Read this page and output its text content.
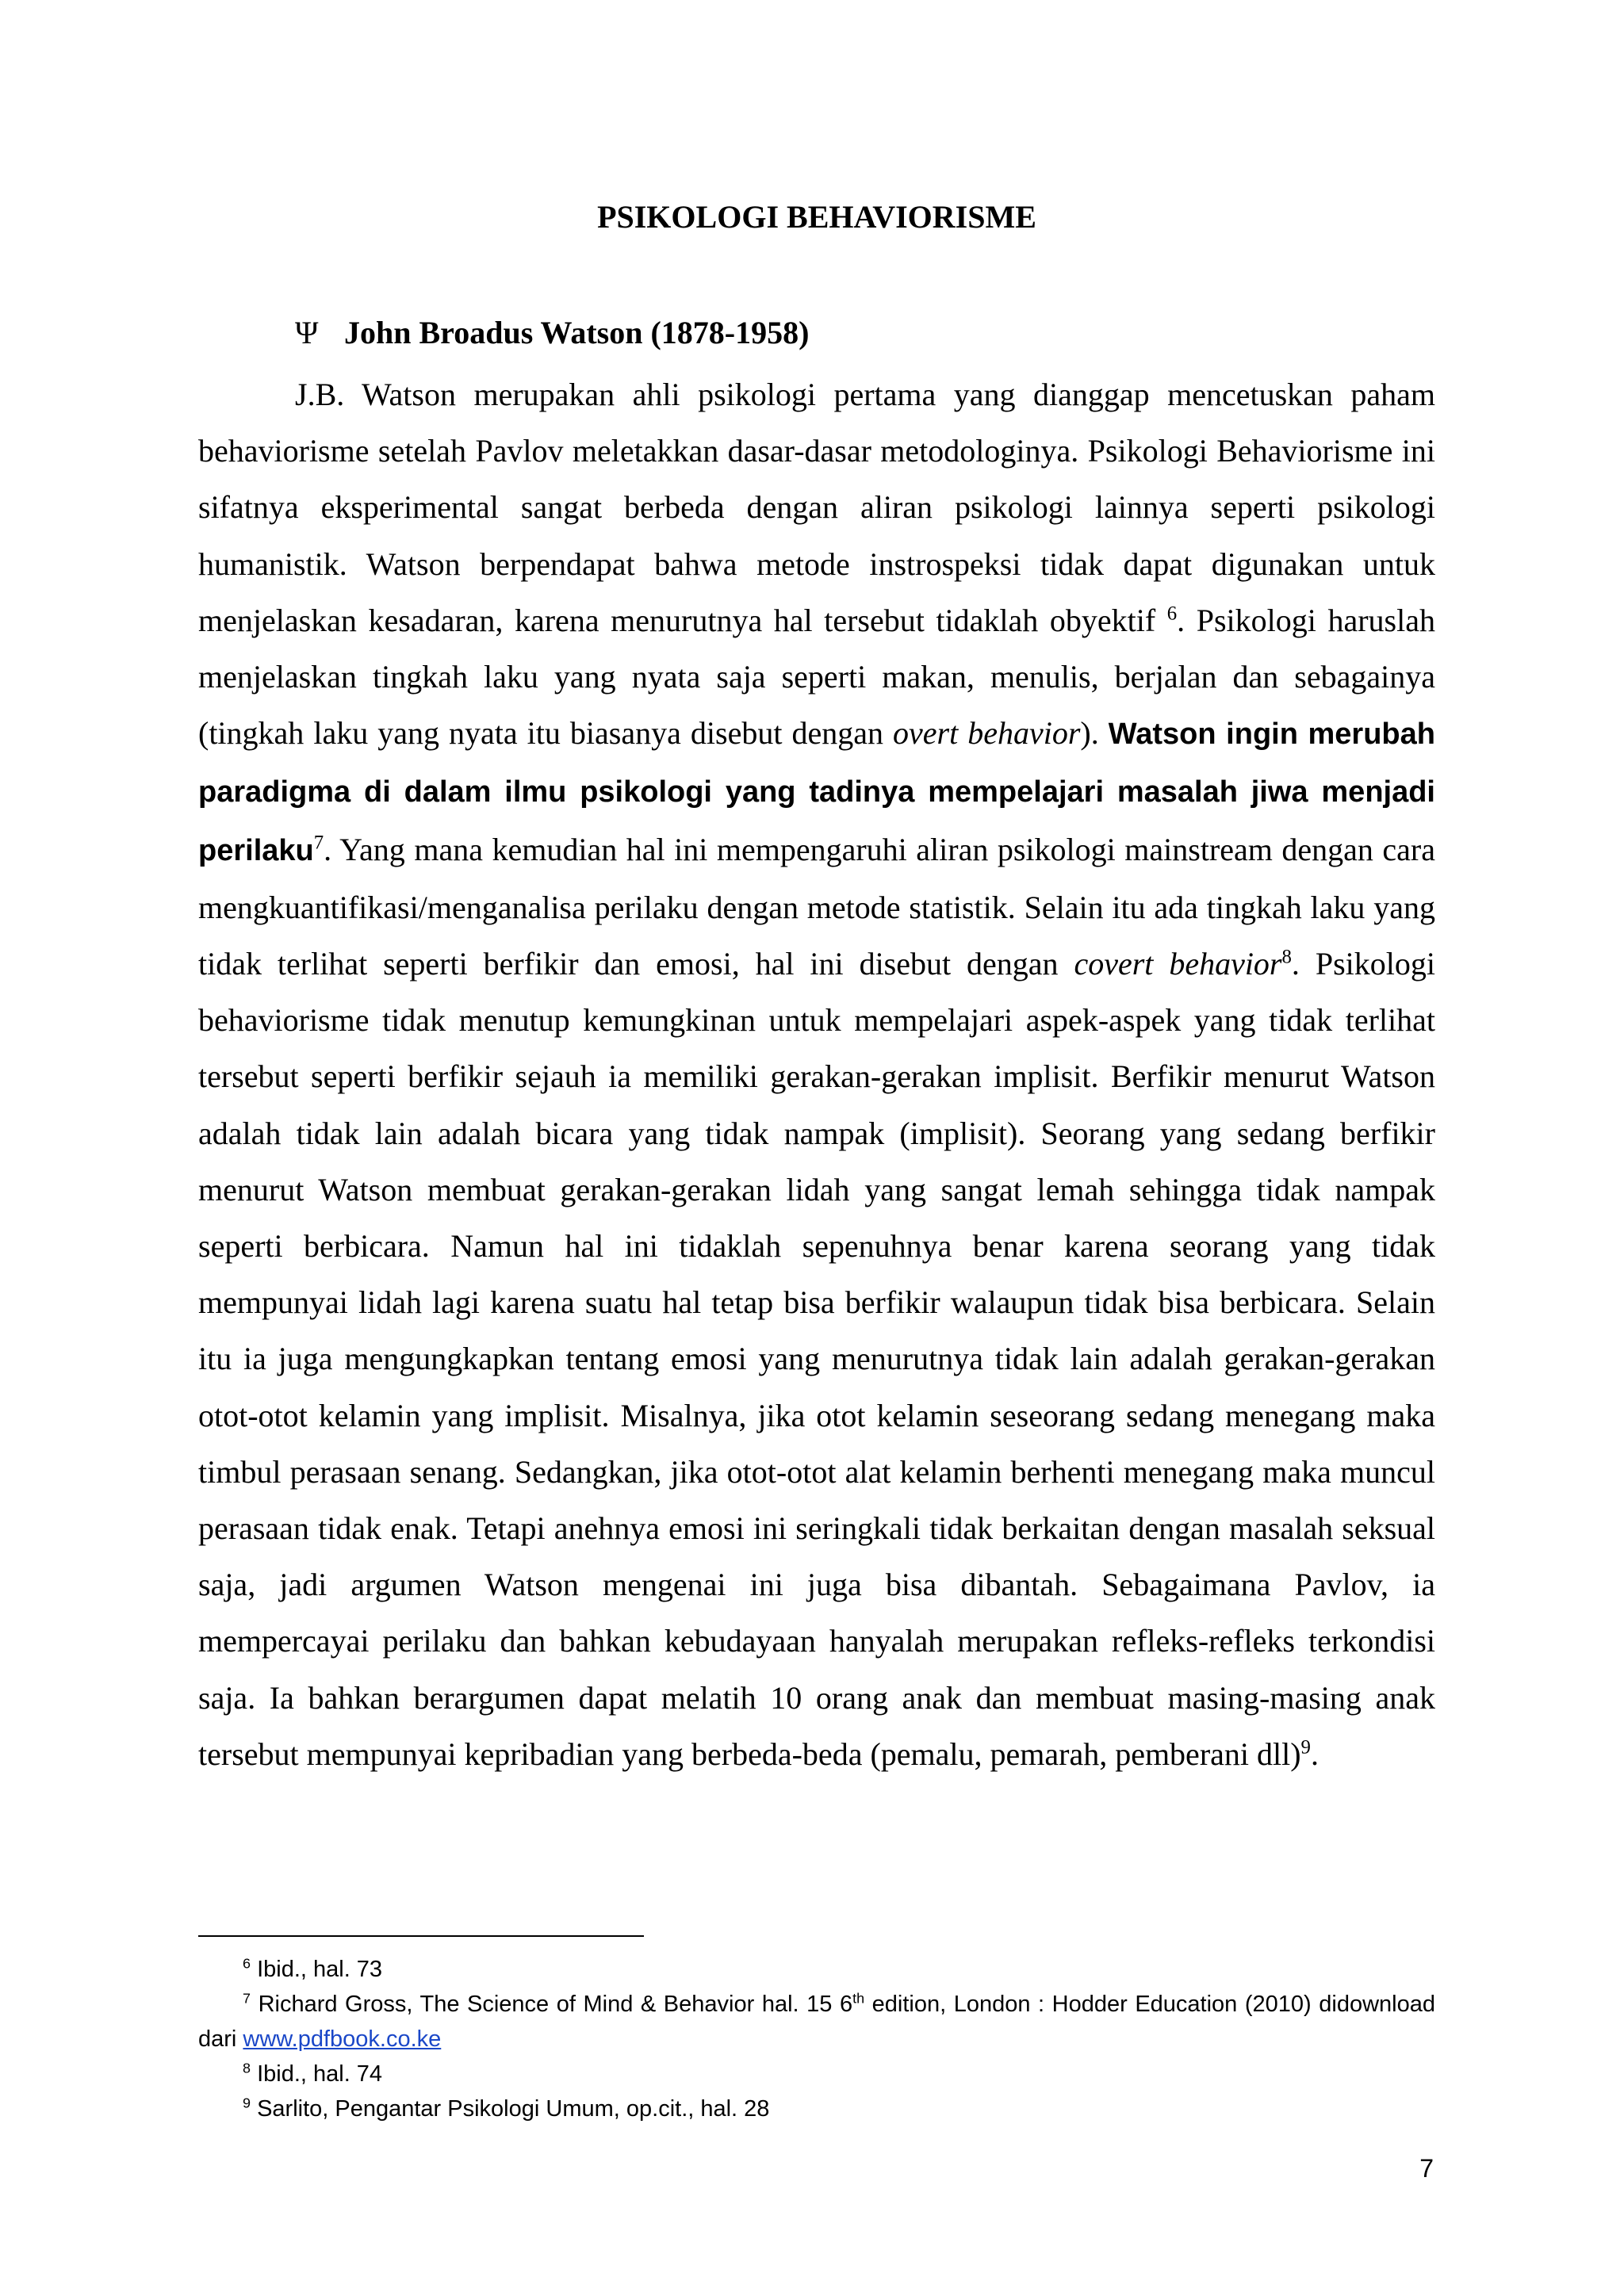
PSIKOLOGI BEHAVIORISME
Ψ John Broadus Watson (1878-1958)

J.B. Watson merupakan ahli psikologi pertama yang dianggap mencetuskan paham behaviorisme setelah Pavlov meletakkan dasar-dasar metodologinya. Psikologi Behaviorisme ini sifatnya eksperimental sangat berbeda dengan aliran psikologi lainnya seperti psikologi humanistik. Watson berpendapat bahwa metode instrospeksi tidak dapat digunakan untuk menjelaskan kesadaran, karena menurutnya hal tersebut tidaklah obyektif $^6$. Psikologi haruslah menjelaskan tingkah laku yang nyata saja seperti makan, menulis, berjalan dan sebagainya (tingkah laku yang nyata itu biasanya disebut dengan overt behavior). Watson ingin merubah paradigma di dalam ilmu psikologi yang tadinya mempelajari masalah jiwa menjadi perilaku$^7$. Yang mana kemudian hal ini mempengaruhi aliran psikologi mainstream dengan cara mengkuantifikasi/menganalisa perilaku dengan metode statistik. Selain itu ada tingkah laku yang tidak terlihat seperti berfikir dan emosi, hal ini disebut dengan covert behavior$^8$. Psikologi behaviorisme tidak menutup kemungkinan untuk mempelajari aspek-aspek yang tidak terlihat tersebut seperti berfikir sejauh ia memiliki gerakan-gerakan implisit. Berfikir menurut Watson adalah tidak lain adalah bicara yang tidak nampak (implisit). Seorang yang sedang berfikir menurut Watson membuat gerakan-gerakan lidah yang sangat lemah sehingga tidak nampak seperti berbicara. Namun hal ini tidaklah sepenuhnya benar karena seorang yang tidak mempunyai lidah lagi karena suatu hal tetap bisa berfikir walaupun tidak bisa berbicara. Selain itu ia juga mengungkapkan tentang emosi yang menurutnya tidak lain adalah gerakan-gerakan otot-otot kelamin yang implisit. Misalnya, jika otot kelamin seseorang sedang menegang maka timbul perasaan senang. Sedangkan, jika otot-otot alat kelamin berhenti menegang maka muncul perasaan tidak enak. Tetapi anehnya emosi ini seringkali tidak berkaitan dengan masalah seksual saja, jadi argumen Watson mengenai ini juga bisa dibantah. Sebagaimana Pavlov, ia mempercayai perilaku dan bahkan kebudayaan hanyalah merupakan refleks-refleks terkondisi saja. Ia bahkan berargumen dapat melatih 10 orang anak dan membuat masing-masing anak tersebut mempunyai kepribadian yang berbeda-beda (pemalu, pemarah, pemberani dll)$^9$.

$^6$ Ibid., hal. 73

$^7$ Richard Gross, The Science of Mind & Behavior hal. 15 6th edition, London : Hodder Education (2010) didownload dari www.pdfbook.co.ke

$^8$ Ibid., hal. 74

$^9$ Sarlito, Pengantar Psikologi Umum, op.cit., hal. 28

7
